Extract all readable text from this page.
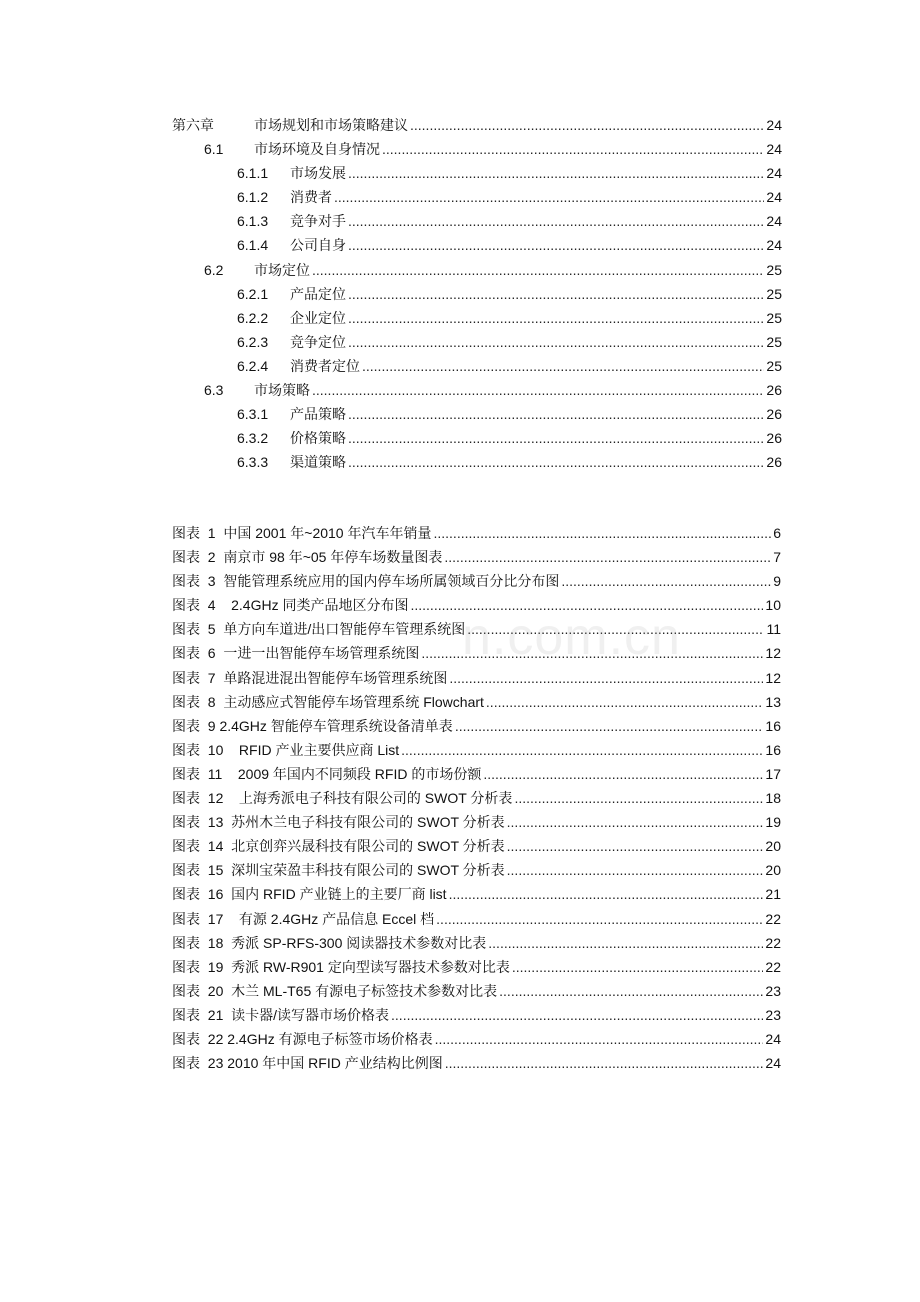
第六章	市场规划和市场策略建议 .....	24
6.1	市场环境及自身情况 .....	24
6.1.1	市场发展 .....	24
6.1.2	消费者 .....	24
6.1.3	竞争对手 .....	24
6.1.4	公司自身 .....	24
6.2	市场定位 .....	25
6.2.1	产品定位 .....	25
6.2.2	企业定位 .....	25
6.2.3	竞争定位 .....	25
6.2.4	消费者定位 .....	25
6.3	市场策略 .....	26
6.3.1	产品策略 .....	26
6.3.2	价格策略 .....	26
6.3.3	渠道策略 .....	26
图表  1  中国 2001 年~2010 年汽车年销量 .....	6
图表  2  南京市 98 年~05 年停车场数量图表 .....	7
图表  3  智能管理系统应用的国内停车场所属领域百分比分布图 .....	9
图表  4    2.4GHz 同类产品地区分布图 .....	10
图表  5  单方向车道进/出口智能停车管理系统图 .....	11
图表  6  一进一出智能停车场管理系统图 .....	12
图表  7  单路混进混出智能停车场管理系统图 .....	12
图表  8  主动感应式智能停车场管理系统 Flowchart .....	13
图表  9 2.4GHz 智能停车管理系统设备清单表 .....	16
图表  10    RFID 产业主要供应商 List .....	16
图表  11    2009 年国内不同频段 RFID 的市场份额 .....	17
图表  12    上海秀派电子科技有限公司的 SWOT 分析表 .....	18
图表  13  苏州木兰电子科技有限公司的 SWOT 分析表 .....	19
图表  14  北京创弈兴晟科技有限公司的 SWOT 分析表 .....	20
图表  15  深圳宝荣盈丰科技有限公司的 SWOT 分析表 .....	20
图表  16  国内 RFID 产业链上的主要厂商 list .....	21
图表  17    有源 2.4GHz 产品信息 Eccel 档 .....	22
图表  18  秀派 SP-RFS-300 阅读器技术参数对比表 .....	22
图表  19  秀派 RW-R901 定向型读写器技术参数对比表 .....	22
图表  20  木兰 ML-T65 有源电子标签技术参数对比表 .....	23
图表  21  读卡器/读写器市场价格表 .....	23
图表  22 2.4GHz 有源电子标签市场价格表 .....	24
图表  23 2010 年中国 RFID 产业结构比例图 .....	24
n.com.cn
